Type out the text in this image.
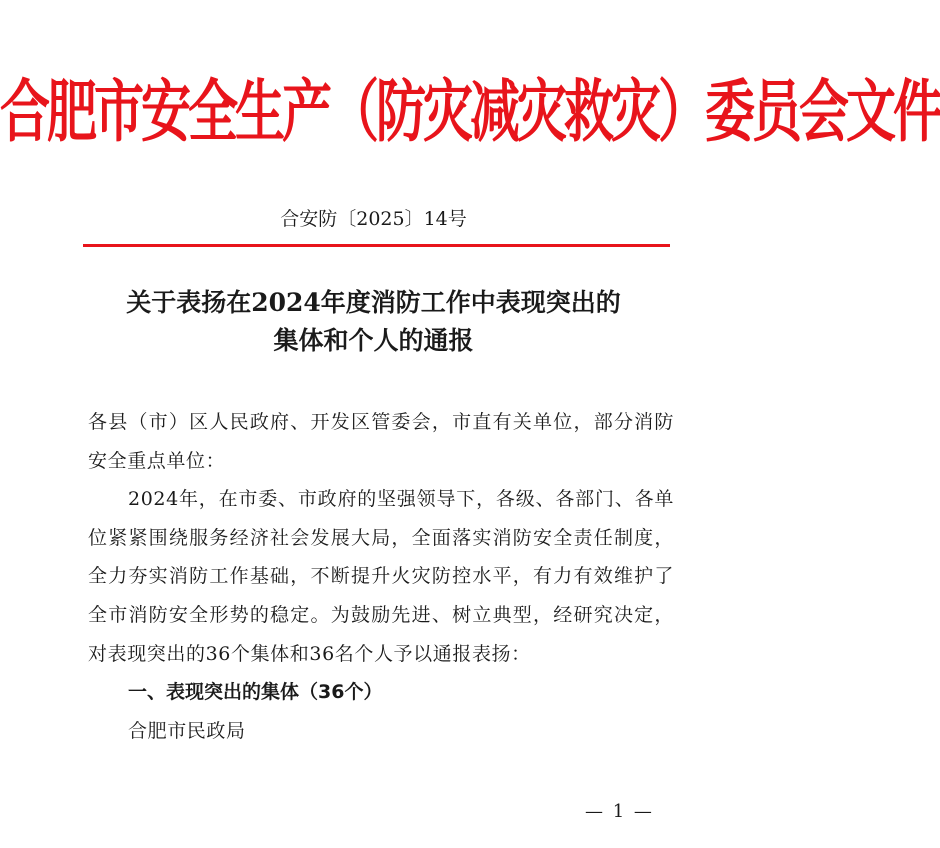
合肥市安全生产（防灾减灾救灾）委员会文件
合安防〔2025〕14号
关于表扬在2024年度消防工作中表现突出的
集体和个人的通报

各县（市）区人民政府、开发区管委会，市直有关单位，部分消防安全重点单位：

2024年，在市委、市政府的坚强领导下，各级、各部门、各单位紧紧围绕服务经济社会发展大局，全面落实消防安全责任制度，全力夯实消防工作基础，不断提升火灾防控水平，有力有效维护了全市消防安全形势的稳定。为鼓励先进、树立典型，经研究决定，对表现突出的36个集体和36名个人予以通报表扬：

一、表现突出的集体（36个）

合肥市民政局

— 1 —
